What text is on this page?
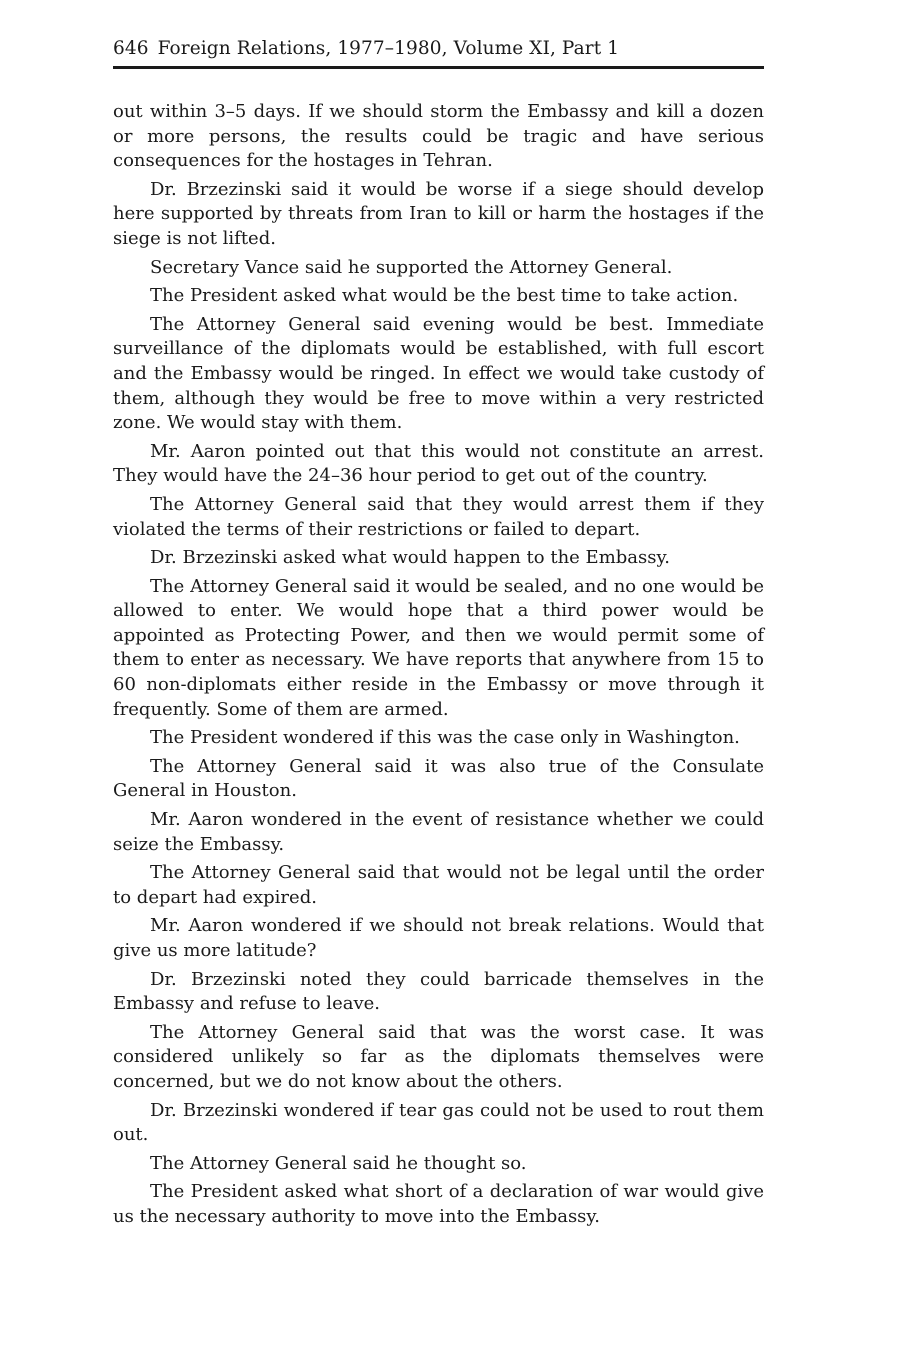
646 Foreign Relations, 1977–1980, Volume XI, Part 1

out within 3–5 days. If we should storm the Embassy and kill a dozen or more persons, the results could be tragic and have serious consequences for the hostages in Tehran.

Dr. Brzezinski said it would be worse if a siege should develop here supported by threats from Iran to kill or harm the hostages if the siege is not lifted.

Secretary Vance said he supported the Attorney General.

The President asked what would be the best time to take action.

The Attorney General said evening would be best. Immediate surveillance of the diplomats would be established, with full escort and the Embassy would be ringed. In effect we would take custody of them, although they would be free to move within a very restricted zone. We would stay with them.

Mr. Aaron pointed out that this would not constitute an arrest. They would have the 24–36 hour period to get out of the country.

The Attorney General said that they would arrest them if they violated the terms of their restrictions or failed to depart.

Dr. Brzezinski asked what would happen to the Embassy.

The Attorney General said it would be sealed, and no one would be allowed to enter. We would hope that a third power would be appointed as Protecting Power, and then we would permit some of them to enter as necessary. We have reports that anywhere from 15 to 60 non-diplomats either reside in the Embassy or move through it frequently. Some of them are armed.

The President wondered if this was the case only in Washington.

The Attorney General said it was also true of the Consulate General in Houston.

Mr. Aaron wondered in the event of resistance whether we could seize the Embassy.

The Attorney General said that would not be legal until the order to depart had expired.

Mr. Aaron wondered if we should not break relations. Would that give us more latitude?

Dr. Brzezinski noted they could barricade themselves in the Embassy and refuse to leave.

The Attorney General said that was the worst case. It was considered unlikely so far as the diplomats themselves were concerned, but we do not know about the others.

Dr. Brzezinski wondered if tear gas could not be used to rout them out.

The Attorney General said he thought so.

The President asked what short of a declaration of war would give us the necessary authority to move into the Embassy.
